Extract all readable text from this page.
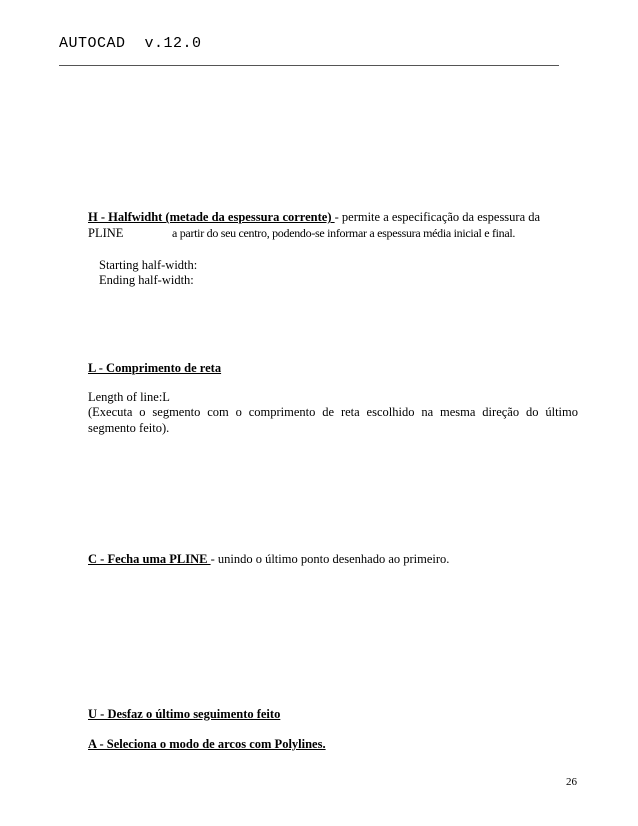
AUTOCAD v.12.0
H - Halfwidht (metade da espessura corrente) - permite a especificação da espessura da
PLINE	a partir do seu centro, podendo-se informar a espessura média inicial e final.
Starting half-width:
Ending half-width:
L - Comprimento de reta
Length of line:L
(Executa o segmento com o comprimento de reta escolhido na mesma direção do último segmento feito).
C - Fecha uma PLINE - unindo o último ponto desenhado ao primeiro.
U - Desfaz o último seguimento feito
A - Seleciona o modo de arcos com Polylines.
26
